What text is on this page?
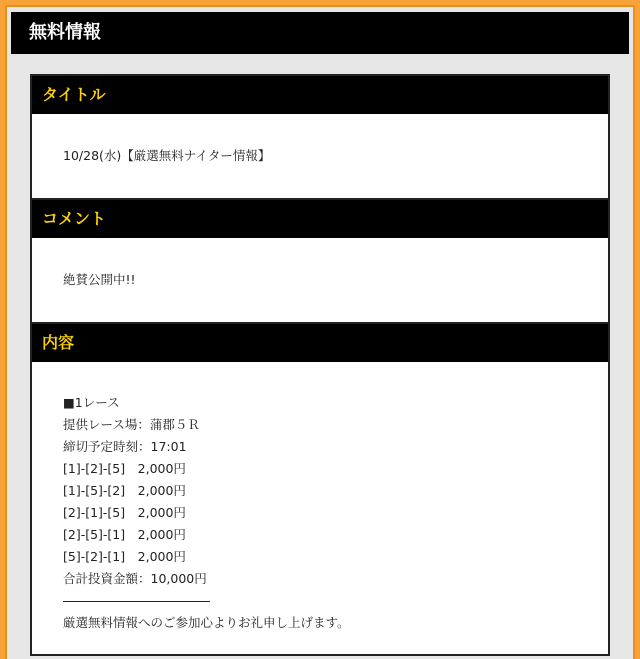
無料情報
タイトル
10/28(水)【厳選無料ナイター情報】
コメント
絶賛公開中!!
内容
■1レース
提供レース場：蒲郡５Ｒ
締切予定時刻：17:01
[1]-[2]-[5]　2,000円
[1]-[5]-[2]　2,000円
[2]-[1]-[5]　2,000円
[2]-[5]-[1]　2,000円
[5]-[2]-[1]　2,000円
合計投資金額：10,000円
厳選無料情報へのご参加心よりお礼申し上げます。
